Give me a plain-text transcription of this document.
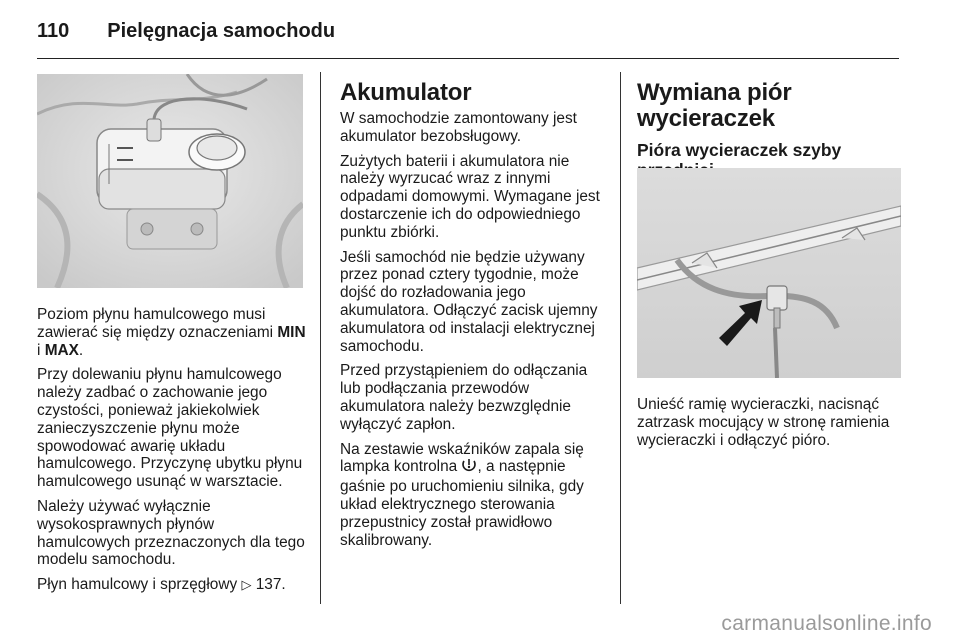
110 Pielęgnacja samochodu

Poziom płynu hamulcowego musi zawierać się między oznaczeniami MIN i MAX.

Przy dolewaniu płynu hamulcowego należy zadbać o zachowanie jego czystości, ponieważ jakiekolwiek zanieczyszczenie płynu może spowodować awarię układu hamulcowego. Przyczynę ubytku płynu hamulcowego usunąć w warsztacie.

Należy używać wyłącznie wysokosprawnych płynów hamulcowych przeznaczonych dla tego modelu samochodu.

Płyn hamulcowy i sprzęgłowy ▷ 137.

Akumulator

W samochodzie zamontowany jest akumulator bezobsługowy.

Zużytych baterii i akumulatora nie należy wyrzucać wraz z innymi odpadami domowymi. Wymagane jest dostarczenie ich do odpowiedniego punktu zbiórki.

Jeśli samochód nie będzie używany przez ponad cztery tygodnie, może dojść do rozładowania jego akumulatora. Odłączyć zacisk ujemny akumulatora od instalacji elektrycznej samochodu.

Przed przystąpieniem do odłączania lub podłączania przewodów akumulatora należy bezwzględnie wyłączyć zapłon.

Na zestawie wskaźników zapala się lampka kontrolna , a następnie gaśnie po uruchomieniu silnika, gdy układ elektrycznego sterowania przepustnicy został prawidłowo skalibrowany.

Wymiana piór wycieraczek
Pióra wycieraczek szyby

Unieść ramię wycieraczki, nacisnąć zatrzask mocujący w stronę ramienia wycieraczki i odłączyć pióro.

carmanualsonline.info
